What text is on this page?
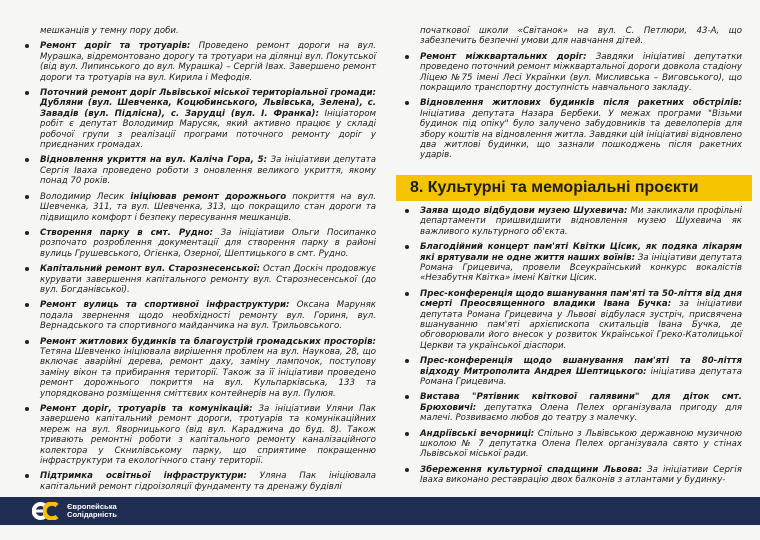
мешканців у темну пору доби.
Ремонт доріг та тротуарів: Проведено ремонт дороги на вул. Мурашка, відремонтовано дорогу та тротуари на ділянці вул. Покутської (від вул. Липинського до вул. Мурашка) – Сергій Івах. Завершено ремонт дороги та тротуарів на вул. Кирила і Мефодія.
Поточний ремонт доріг Львівської міської територіальної громади: Дубляни (вул. Шевченка, Коцюбинського, Львівська, Зелена), с. Завадів (вул. Підлісна), с. Зарудці (вул. І. Франка): Ініціатором робіт є депутат Володимир Марусяк, який активно працює у складі робочої групи з реалізації програми поточного ремонту доріг у приєднаних громадах.
Відновлення укриття на вул. Каліча Гора, 5: За ініціативи депутата Сергія Іваха проведено роботи з оновлення великого укриття, якому понад 70 років.
Володимир Лесик ініціював ремонт дорожнього покриття на вул. Шевченка, 311, та вул. Шевченка, 313, що покращило стан дороги та підвищило комфорт і безпеку пересування мешканців.
Створення парку в смт. Рудно: За ініціативи Ольги Посипанко розпочато розроблення документації для створення парку в районі вулиць Грушевського, Огієнка, Озерної, Шептицького в смт. Рудно.
Капітальний ремонт вул. Старознесенської: Остап Доскіч продовжує курувати завершення капітального ремонту вул. Старознесенської (до вул. Богданівської).
Ремонт вулиць та спортивної інфраструктури: Оксана Маруняк подала звернення щодо необхідності ремонту вул. Гориня, вул. Вернадського та спортивного майданчика на вул. Трильовського.
Ремонт житлових будинків та благоустрій громадських просторів: Тетяна Шевченко ініціювала вирішення проблем на вул. Наукова, 28, що включає аварійні дерева, ремонт даху, заміну лампочок, поступову заміну вікон та прибирання території. Також за її ініціативи проведено ремонт дорожнього покриття на вул. Кульпарківська, 133 та упорядковано розміщення сміттєвих контейнерів на вул. Пулюя.
Ремонт доріг, тротуарів та комунікацій: За ініціативи Уляни Пак завершено капітальний ремонт дороги, тротуарів та комунікаційних мереж на вул. Яворницького (від вул. Караджича до буд. 8). Також тривають ремонтні роботи з капітального ремонту каналізаційного колектора у Скнилівському парку, що сприятиме покращенню інфраструктури та екологічного стану території.
Підтримка освітньої інфраструктури: Уляна Пак ініціювала капітальний ремонт гідроізоляції фундаменту та дренажу будівлі
початкової школи «Світанок» на вул. С. Петлюри, 43-А, що забезпечить безпечні умови для навчання дітей.
Ремонт міжквартальних доріг: Завдяки ініціативі депутатки проведено поточний ремонт міжквартальної дороги довкола стадіону Ліцею №75 імені Лесі Українки (вул. Мисливська – Виговського), що покращило транспортну доступність навчального закладу.
Відновлення житлових будинків після ракетних обстрілів: Ініціатива депутата Назара Бербеки. У межах програми "Візьми будинок під опіку" було залучено забудовників та девелоперів для збору коштів на відновлення житла. Завдяки цій ініціативі відновлено два житлові будинки, що зазнали пошкоджень після ракетних ударів.
8. Культурні та меморіальні проєкти
Заява щодо відбудови музею Шухевича: Ми закликали профільні департаменти пришвидшити відновлення музею Шухевича як важливого культурного об'єкта.
Благодійний концерт пам'яті Квітки Цісик, як подяка лікарям які врятували не одне життя наших воїнів: За ініціативи депутата Романа Грицевича, провели Всеукраїнський конкурс вокалістів «Незабутня Квітка» імені Квітки Цісик.
Прес-конференція щодо вшанування пам'яті та 50-ліття від дня смерті Преосвященного владики Івана Бучка: за ініціативи депутата Романа Грицевича у Львові відбулася зустріч, присвячена вшануванню пам'яті архієпископа скитальців Івана Бучка, де обговорювали його внесок у розвиток Української Греко-Католицької Церкви та української діаспори.
Прес-конференція щодо вшанування пам'яті та 80-ліття відходу Митрополита Андрея Шептицького: ініціатива депутата Романа Грицевича.
Вистава "Рятівник квіткової галявини" для діток смт. Брюховичі: депутатка Олена Пелех організувала пригоду для малечі. Розвиваємо любов до театру з малечку.
Андріївські вечорниці: Спільно з Львівською державною музичною школою № 7 депутатка Олена Пелех організувала свято у стінах Львівської міської ради.
Збереження культурної спадщини Львова: За ініціативи Сергія Іваха виконано реставрацію двох балконів з атлантами у будинку-
Європейська
Солідарність
